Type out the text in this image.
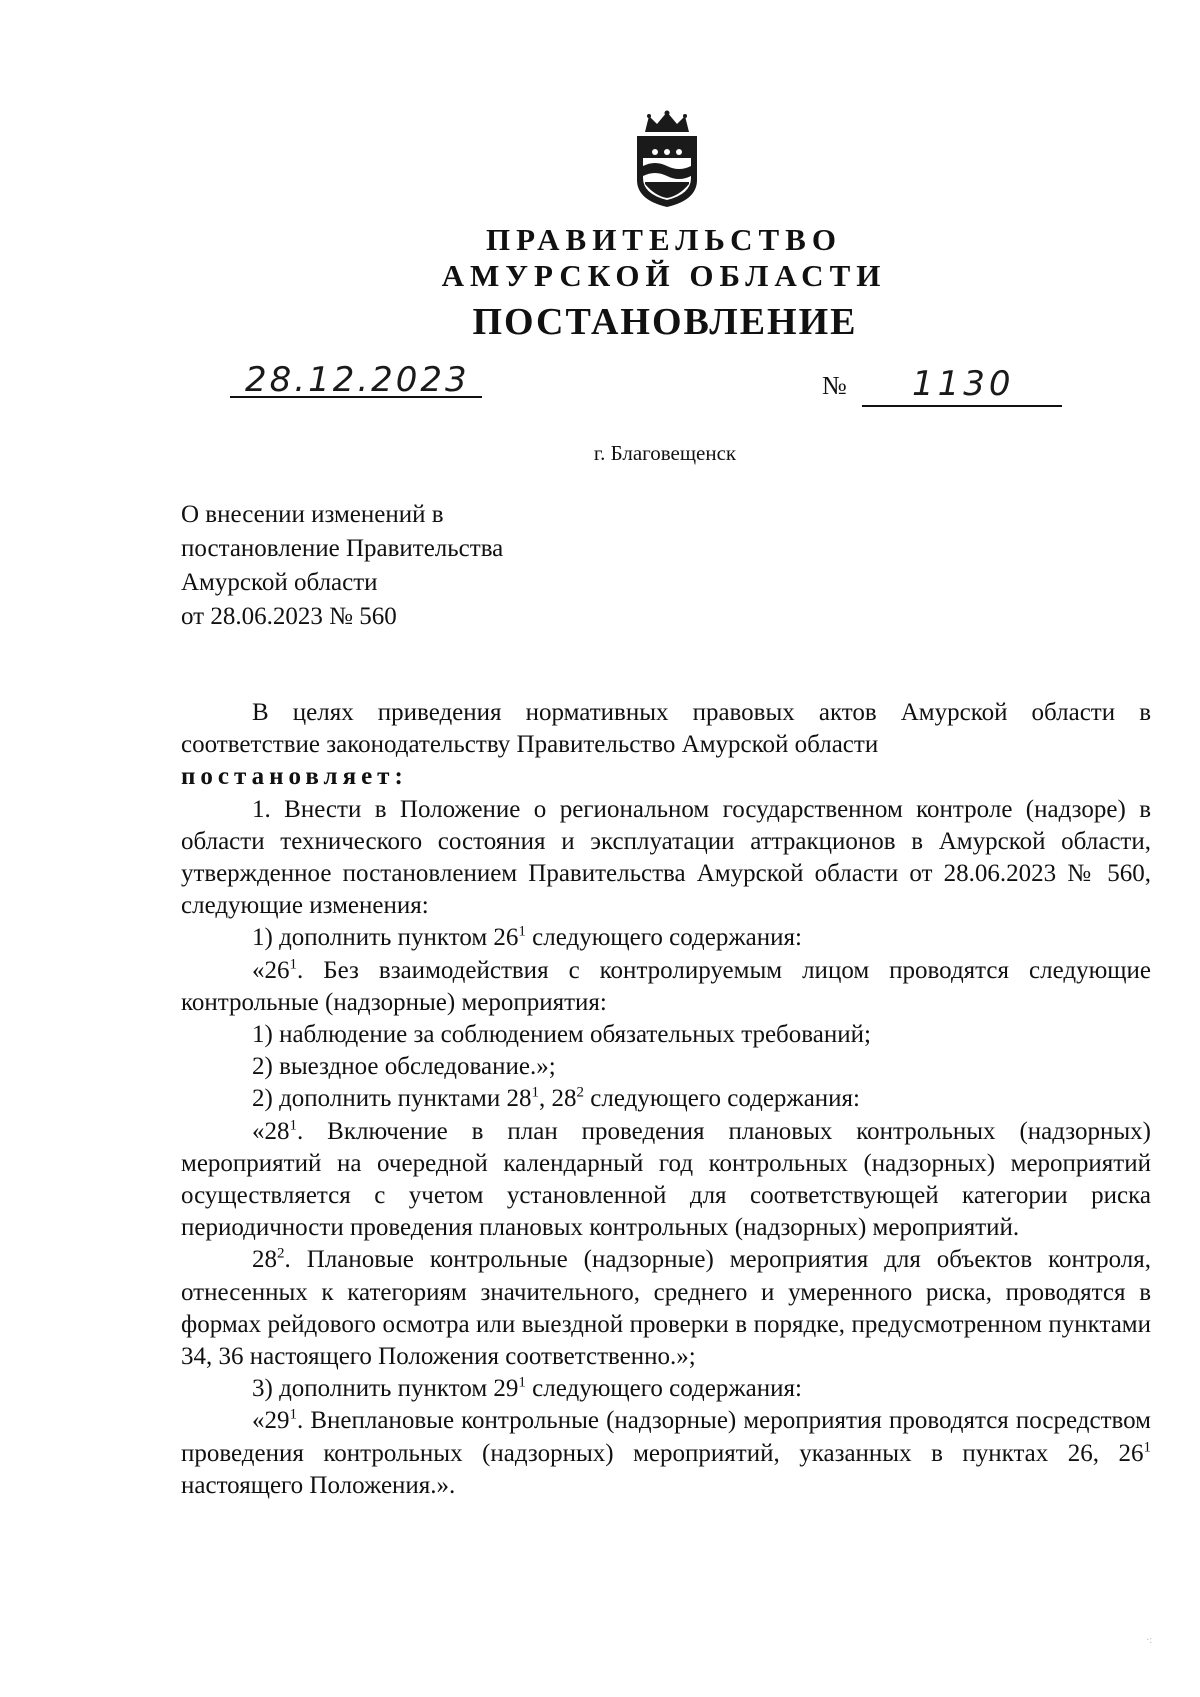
ПРАВИТЕЛЬСТВО
АМУРСКОЙ ОБЛАСТИ
ПОСТАНОВЛЕНИЕ
28.12.2023	№ 1130
г. Благовещенск
О внесении изменений в
постановление Правительства
Амурской области
от 28.06.2023 № 560

В целях приведения нормативных правовых актов Амурской области в соответствие законодательству Правительство Амурской области

постановляет:

1. Внести в Положение о региональном государственном контроле (надзоре) в области технического состояния и эксплуатации аттракционов в Амурской области, утвержденное постановлением Правительства Амурской области от 28.06.2023 № 560, следующие изменения:

1) дополнить пунктом $26^1$ следующего содержания:

«$26^1$. Без взаимодействия с контролируемым лицом проводятся следующие контрольные (надзорные) мероприятия:

1) наблюдение за соблюдением обязательных требований;

2) выездное обследование.»;

2) дополнить пунктами $28^1$, $28^2$ следующего содержания:

«$28^1$. Включение в план проведения плановых контрольных (надзорных) мероприятий на очередной календарный год контрольных (надзорных) мероприятий осуществляется с учетом установленной для соответствующей категории риска периодичности проведения плановых контрольных (надзорных) мероприятий.

$28^2$. Плановые контрольные (надзорные) мероприятия для объектов контроля, отнесенных к категориям значительного, среднего и умеренного риска, проводятся в формах рейдового осмотра или выездной проверки в порядке, предусмотренном пунктами 34, 36 настоящего Положения соответственно.»;

3) дополнить пунктом $29^1$ следующего содержания:

«$29^1$. Внеплановые контрольные (надзорные) мероприятия проводятся посредством проведения контрольных (надзорных) мероприятий, указанных в пунктах 26, $26^1$ настоящего Положения.».

·:
